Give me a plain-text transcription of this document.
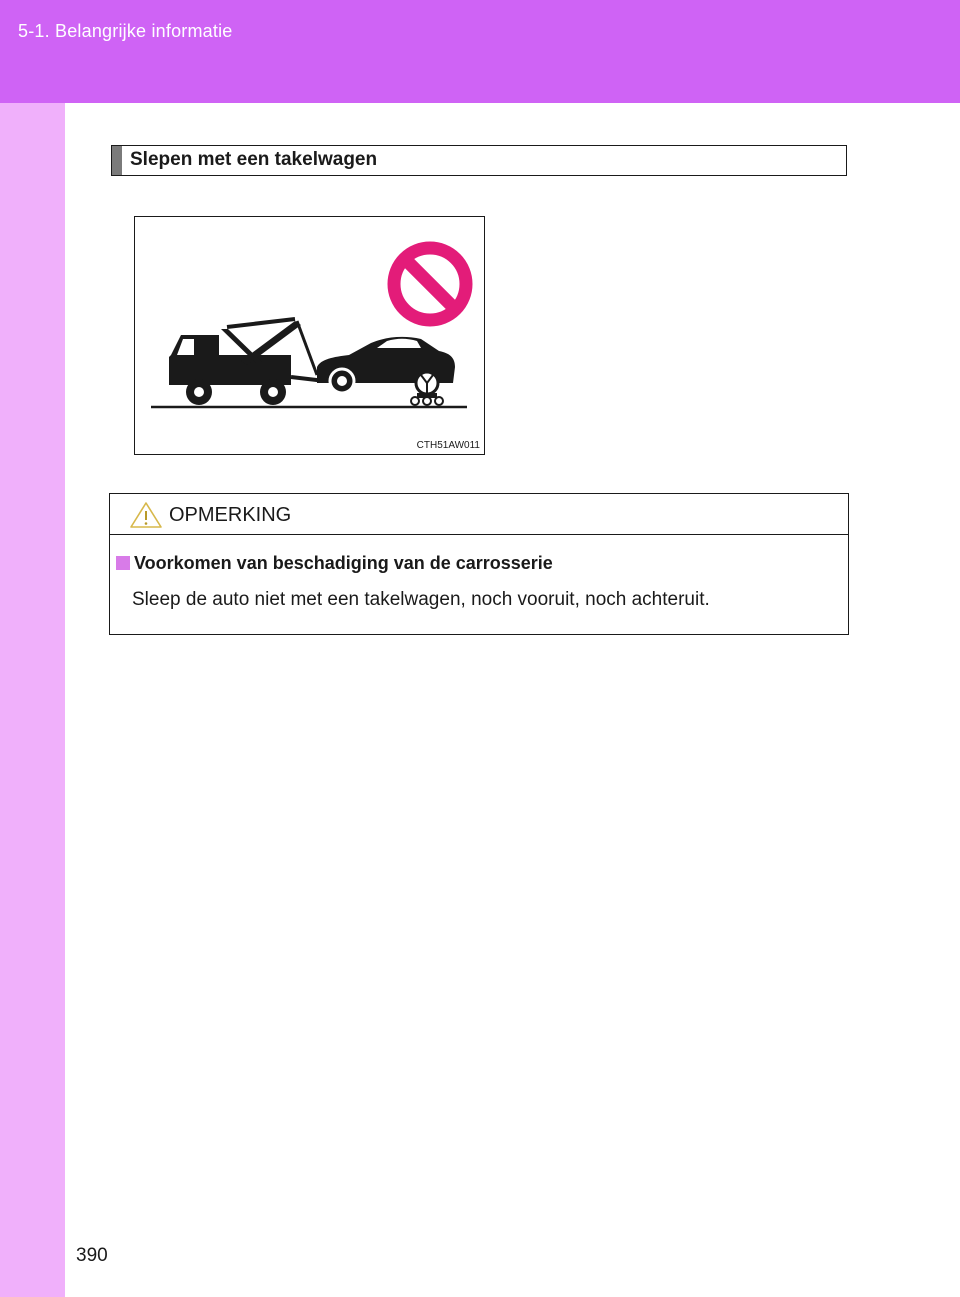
5-1. Belangrijke informatie
390
Slepen met een takelwagen
CTH51AW011
OPMERKING
Voorkomen van beschadiging van de carrosserie
Sleep de auto niet met een takelwagen, noch vooruit, noch achteruit.
